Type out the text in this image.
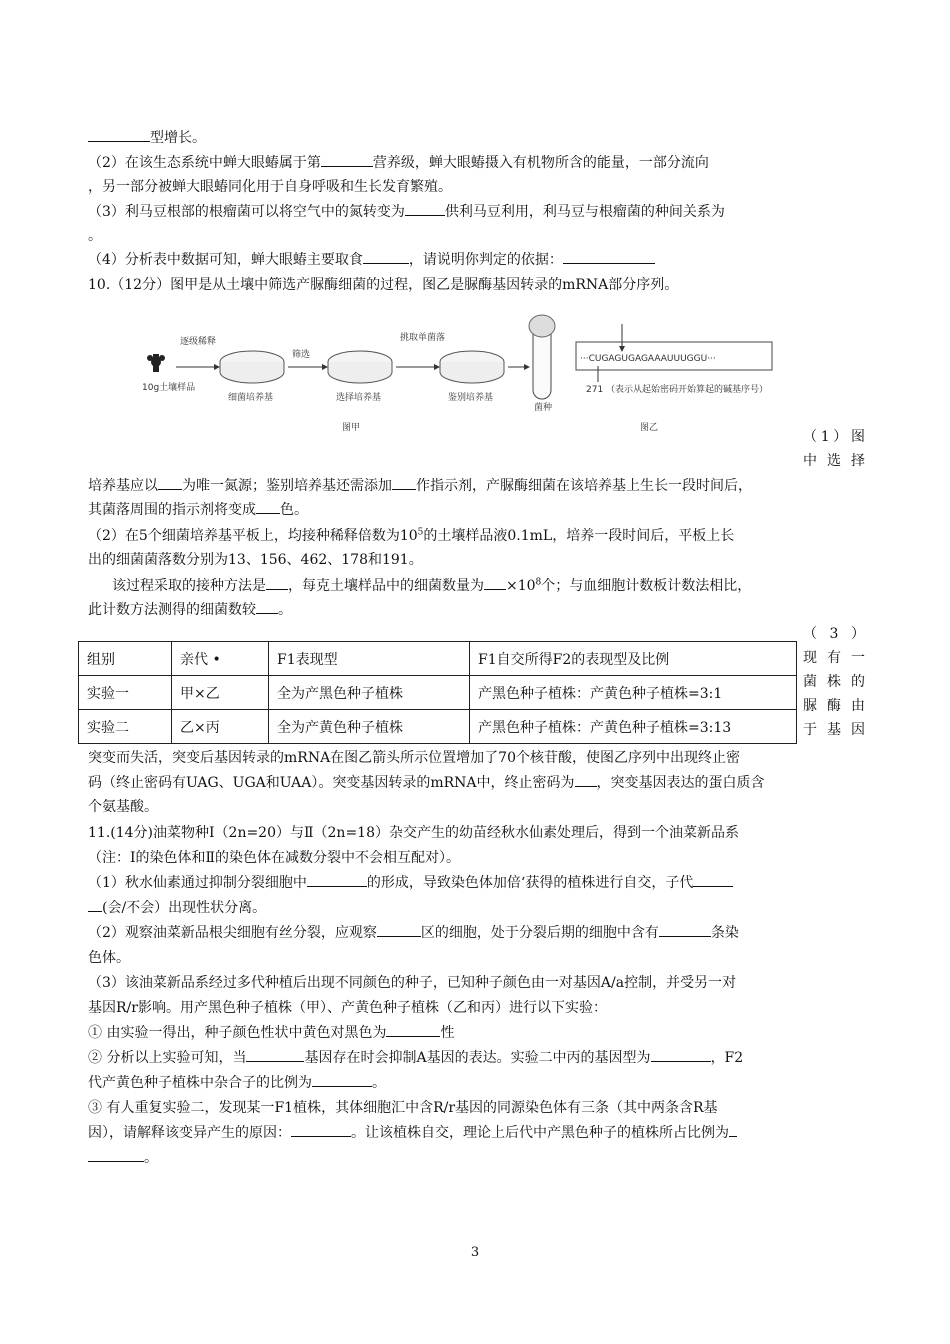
型增长。
（2）在该生态系统中蝉大眼蝽属于第	营养级，蝉大眼蝽摄入有机物所含的能量，一部分流向
，另一部分被蝉大眼蝽同化用于自身呼吸和生长发育繁殖。
（3）利马豆根部的根瘤菌可以将空气中的氮转变为	供利马豆利用，利马豆与根瘤菌的种间关系为
。
（4）分析表中数据可知，蝉大眼蝽主要取食	，请说明你判定的依据：
10.（12分）图甲是从土壤中筛选产脲酶细菌的过程，图乙是脲酶基因转录的mRNA部分序列。
10g土壤样品
逐级稀释
细菌培养基
筛选
选择培养基
挑取单菌落
鉴别培养基
菌种
图甲
···CUGAGUGAGAAAUUUGGU···
271 （表示从起始密码开始算起的碱基序号）
图乙
（1）图
中 选 择
培养基应以 为唯一氮源；鉴别培养基还需添加 作指示剂，产脲酶细菌在该培养基上生长一段时间后，
其菌落周围的指示剂将变成 色。
（2）在5个细菌培养基平板上，均接种稀释倍数为$10^5$的土壤样品液0.1mL，培养一段时间后，平板上长
出的细菌菌落数分别为13、156、462、178和191。
该过程采取的接种方法是 ，每克土壤样品中的细菌数量为 $\times 10^8$个；与血细胞计数板计数法相比，
此计数方法测得的细菌数较 。
（3）
现 有 一
菌 株 的
脲 酶 由
于 基 因
组别	亲代 •	F1表现型	F1自交所得F2的表现型及比例
实验一	甲×乙	全为产黑色种子植株	产黑色种子植株：产黄色种子植株=3:1
实验二	乙×丙	全为产黄色种子植株	产黑色种子植株：产黄色种子植株=3:13
突变而失活，突变后基因转录的mRNA在图乙箭头所示位置增加了70个核苷酸，使图乙序列中出现终止密
码（终止密码有UAG、UGA和UAA）。突变基因转录的mRNA中，终止密码为 ，突变基因表达的蛋白质含
个氨基酸。
11.(14分)油菜物种Ⅰ（2n=20）与Ⅱ（2n=18）杂交产生的幼苗经秋水仙素处理后，得到一个油菜新品系
（注：Ⅰ的染色体和Ⅱ的染色体在减数分裂中不会相互配对）。
（1）秋水仙素通过抑制分裂细胞中	的形成，导致染色体加倍‘获得的植株进行自交，子代
(会/不会）出现性状分离。
（2）观察油菜新品根尖细胞有丝分裂，应观察	区的细胞，处于分裂后期的细胞中含有	条染
色体。
（3）该油菜新品系经过多代种植后出现不同颜色的种子，已知种子颜色由一对基因A/a控制，并受另一对
基因R/r影响。用产黑色种子植株（甲）、产黄色种子植株（乙和丙）进行以下实验：
① 由实验一得出，种子颜色性状中黄色对黑色为	性
② 分析以上实验可知，当	基因存在时会抑制A基因的表达。实验二中丙的基因型为	，F2
代产黄色种子植株中杂合子的比例为	。
③ 有人重复实验二，发现某一F1植株，其体细胞汇中含R/r基因的同源染色体有三条（其中两条含R基
因），请解释该变异产生的原因：	。让该植株自交，理论上后代中产黑色种子的植株所占比例为
。
3
